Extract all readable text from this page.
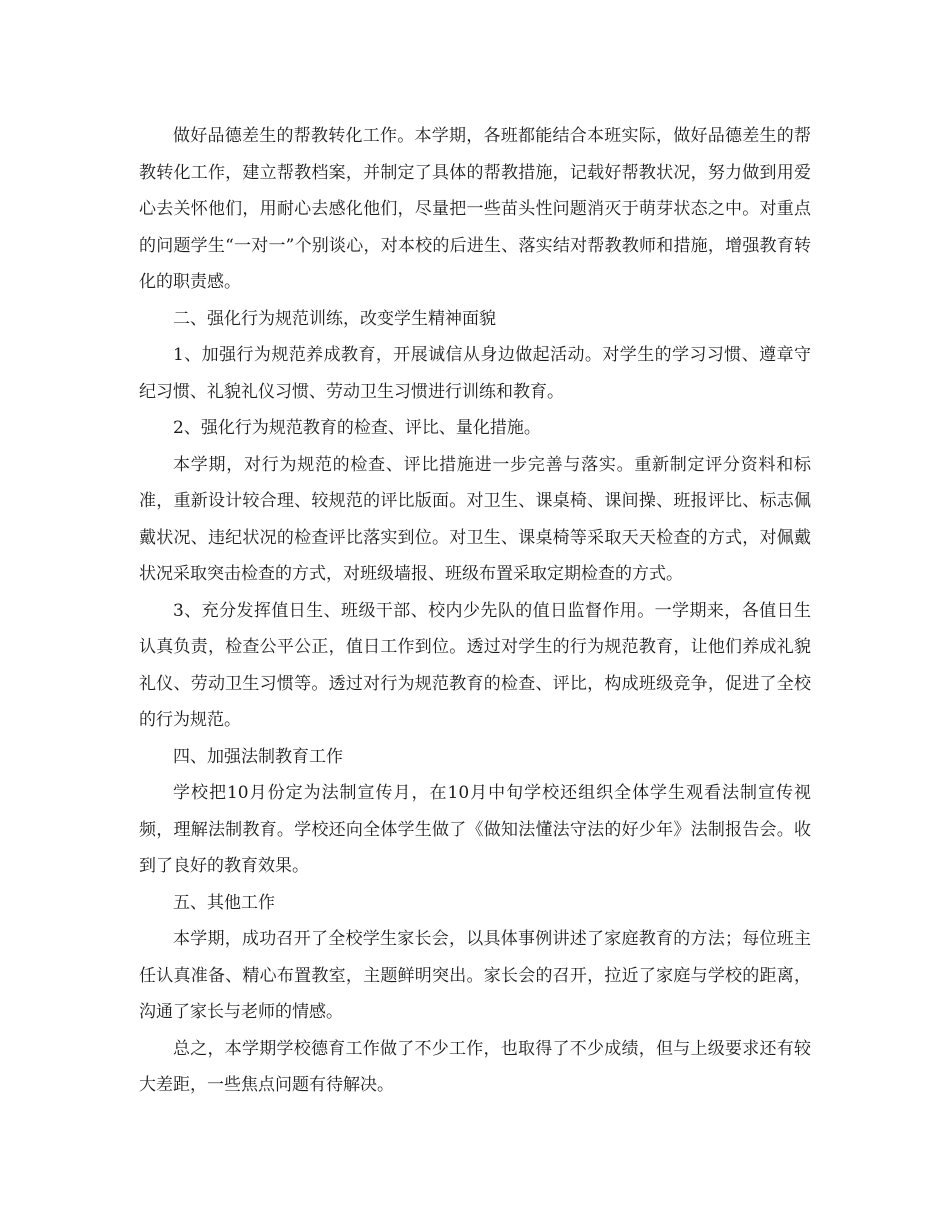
做好品德差生的帮教转化工作。本学期，各班都能结合本班实际，做好品德差生的帮教转化工作，建立帮教档案，并制定了具体的帮教措施，记载好帮教状况，努力做到用爱心去关怀他们，用耐心去感化他们，尽量把一些苗头性问题消灭于萌芽状态之中。对重点的问题学生“一对一”个别谈心，对本校的后进生、落实结对帮教教师和措施，增强教育转化的职责感。

二、强化行为规范训练，改变学生精神面貌

1、加强行为规范养成教育，开展诚信从身边做起活动。对学生的学习习惯、遵章守纪习惯、礼貌礼仪习惯、劳动卫生习惯进行训练和教育。

2、强化行为规范教育的检查、评比、量化措施。

本学期，对行为规范的检查、评比措施进一步完善与落实。重新制定评分资料和标准，重新设计较合理、较规范的评比版面。对卫生、课桌椅、课间操、班报评比、标志佩戴状况、违纪状况的检查评比落实到位。对卫生、课桌椅等采取天天检查的方式，对佩戴状况采取突击检查的方式，对班级墙报、班级布置采取定期检查的方式。

3、充分发挥值日生、班级干部、校内少先队的值日监督作用。一学期来，各值日生认真负责，检查公平公正，值日工作到位。透过对学生的行为规范教育，让他们养成礼貌礼仪、劳动卫生习惯等。透过对行为规范教育的检查、评比，构成班级竞争，促进了全校的行为规范。

四、加强法制教育工作

学校把10月份定为法制宣传月，在10月中旬学校还组织全体学生观看法制宣传视频，理解法制教育。学校还向全体学生做了《做知法懂法守法的好少年》法制报告会。收到了良好的教育效果。

五、其他工作

本学期，成功召开了全校学生家长会，以具体事例讲述了家庭教育的方法；每位班主任认真准备、精心布置教室，主题鲜明突出。家长会的召开，拉近了家庭与学校的距离，沟通了家长与老师的情感。

总之，本学期学校德育工作做了不少工作，也取得了不少成绩，但与上级要求还有较大差距，一些焦点问题有待解决。
